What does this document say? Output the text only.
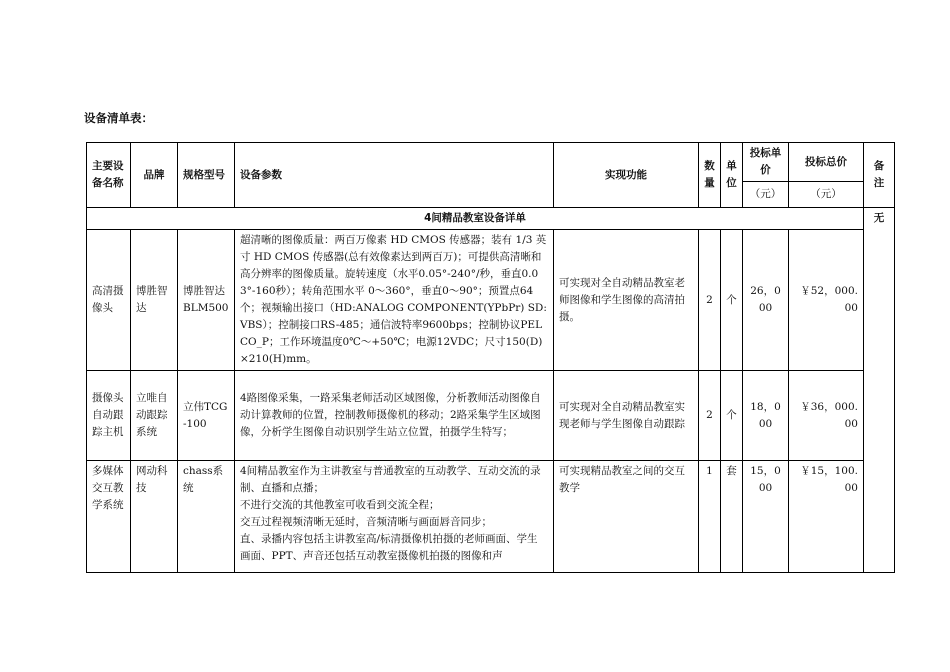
设备清单表：
主要设备名称	品牌	规格型号	设备参数	实现功能	数量	单位	投标单价	投标总价	备注
							（元）	（元）	
4间精品教室设备详单									无
高清摄像头	博胜智达	博胜智达BLM500	超清晰的图像质量：两百万像素 HD CMOS 传感器；装有 1/3 英寸 HD CMOS 传感器(总有效像素达到两百万)；可提供高清晰和高分辨率的图像质量。旋转速度（水平0.05°-240°/秒，垂直0.03°-160秒）；转角范围水平 0～360°，垂直0～90°；预置点64个；视频输出接口（HD:ANALOG COMPONENT(YPbPr) SD:VBS）；控制接口RS-485；通信波特率9600bps；控制协议PELCO_P；工作环境温度0℃～+50℃；电源12VDC；尺寸150(D)×210(H)mm。	可实现对全自动精品教室老师图像和学生图像的高清拍摄。	2	个	26，000	￥52，000.00	
摄像头自动跟踪主机	立唯自动跟踪系统	立伟TCG-100	4路图像采集，一路采集老师活动区域图像，分析教师活动图像自动计算教师的位置，控制教师摄像机的移动；2路采集学生区域图像，分析学生图像自动识别学生站立位置，拍摄学生特写；	可实现对全自动精品教室实现老师与学生图像自动跟踪	2	个	18，000	￥36，000.00	
多媒体交互教学系统	网动科技	chass系统	4间精品教室作为主讲教室与普通教室的互动教学、互动交流的录制、直播和点播；
不进行交流的其他教室可收看到交流全程；
交互过程视频清晰无延时，音频清晰与画面唇音同步；
直、录播内容包括主讲教室高/标清摄像机拍摄的老师画面、学生画面、PPT、声音还包括互动教室摄像机拍摄的图像和声	可实现精品教室之间的交互教学	1	套	15，000	￥15，100.00	
